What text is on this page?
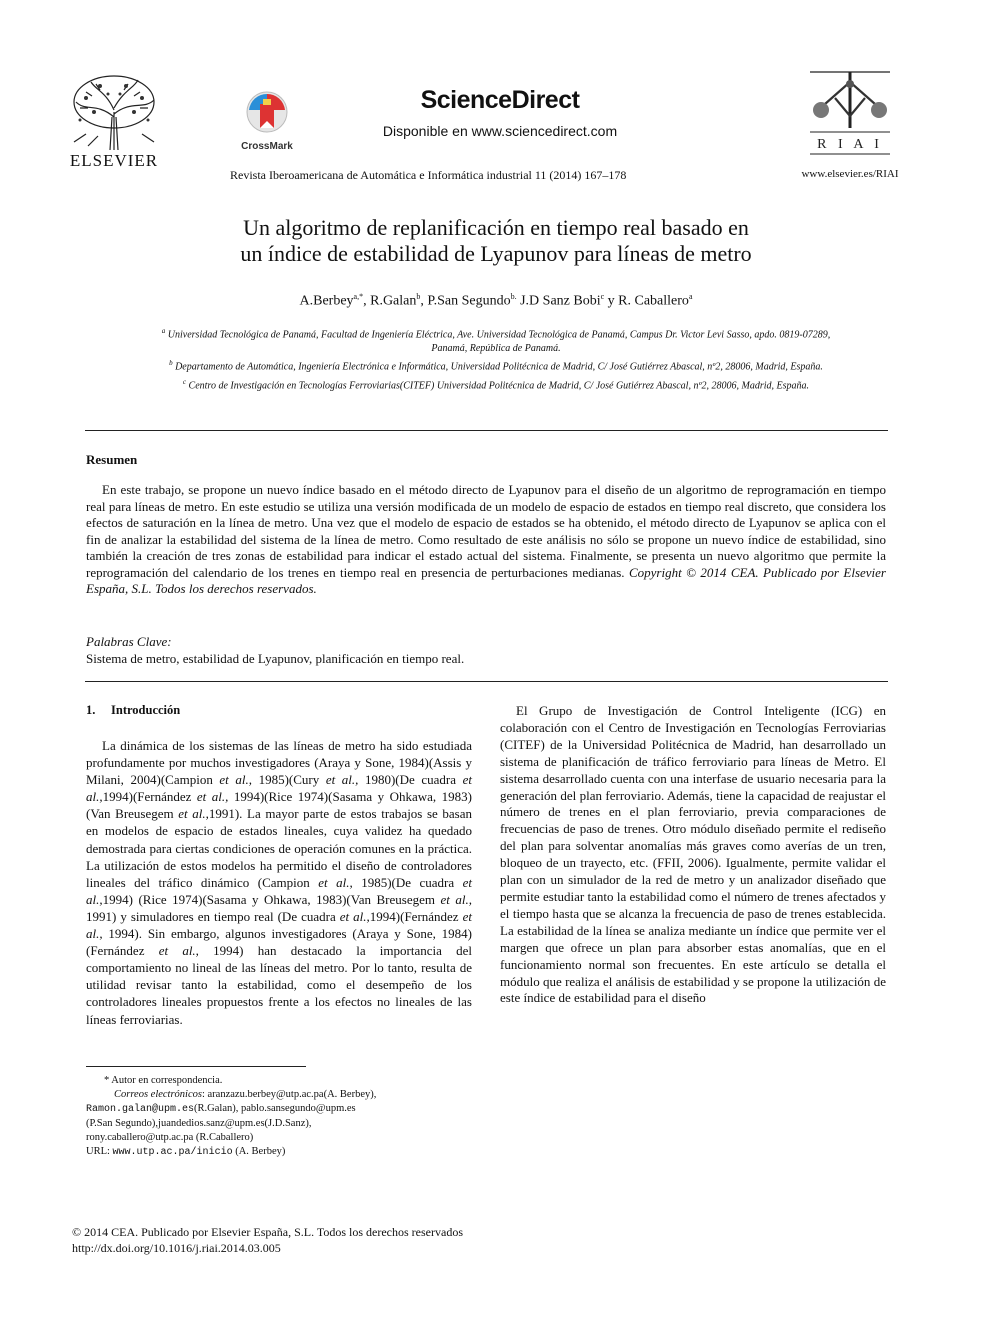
ELSEVIER
CrossMark
ScienceDirect
Disponible en www.sciencedirect.com
Revista Iberoamericana de Automática e Informática industrial 11 (2014) 167–178
R I A I
www.elsevier.es/RIAI
Un algoritmo de replanificación en tiempo real basado en
un índice de estabilidad de Lyapunov para líneas de metro
A.Berbey$^{a,*}$, R.Galan$^b$, P.San Segundo$^{b.}$ J.D Sanz Bobi$^c$ y R. Caballero$^a$
$^a$ Universidad Tecnológica de Panamá, Facultad de Ingeniería Eléctrica, Ave. Universidad Tecnológica de Panamá, Campus Dr. Victor Levi Sasso, apdo. 0819-07289,
Panamá, República de Panamá.
$^b$ Departamento de Automática, Ingeniería Electrónica e Informática, Universidad Politécnica de Madrid, C/ José Gutiérrez Abascal, nº2, 28006, Madrid, España.
$^c$ Centro de Investigación en Tecnologías Ferroviarias(CITEF) Universidad Politécnica de Madrid, C/ José Gutiérrez Abascal, nº2, 28006, Madrid, España.
Resumen
En este trabajo, se propone un nuevo índice basado en el método directo de Lyapunov para el diseño de un algoritmo de reprogramación en tiempo real para líneas de metro. En este estudio se utiliza una versión modificada de un modelo de espacio de estados en tiempo real discreto, que considera los efectos de saturación en la línea de metro. Una vez que el modelo de espacio de estados se ha obtenido, el método directo de Lyapunov se aplica con el fin de analizar la estabilidad del sistema de la línea de metro. Como resultado de este análisis no sólo se propone un nuevo índice de estabilidad, sino también la creación de tres zonas de estabilidad para indicar el estado actual del sistema. Finalmente, se presenta un nuevo algoritmo que permite la reprogramación del calendario de los trenes en tiempo real en presencia de perturbaciones medianas. Copyright © 2014 CEA. Publicado por Elsevier España, S.L. Todos los derechos reservados.
Palabras Clave:
Sistema de metro, estabilidad de Lyapunov, planificación en tiempo real.
1.     Introducción
La dinámica de los sistemas de las líneas de metro ha sido estudiada profundamente por muchos investigadores (Araya y Sone, 1984)(Assis y Milani, 2004)(Campion et al., 1985)(Cury et al., 1980)(De cuadra et al.,1994)(Fernández et al., 1994)(Rice 1974)(Sasama y Ohkawa, 1983)(Van Breusegem et al.,1991). La mayor parte de estos trabajos se basan en modelos de espacio de estados lineales, cuya validez ha quedado demostrada para ciertas condiciones de operación comunes en la práctica. La utilización de estos modelos ha permitido el diseño de controladores lineales del tráfico dinámico (Campion et al., 1985)(De cuadra et al.,1994) (Rice 1974)(Sasama y Ohkawa, 1983)(Van Breusegem et al., 1991) y simuladores en tiempo real (De cuadra et al.,1994)(Fernández et al., 1994). Sin embargo, algunos investigadores (Araya y Sone, 1984)(Fernández et al., 1994) han destacado la importancia del comportamiento no lineal de las líneas del metro. Por lo tanto, resulta de utilidad revisar tanto la estabilidad, como el desempeño de los controladores lineales propuestos frente a los efectos no lineales de las líneas ferroviarias.
El Grupo de Investigación de Control Inteligente (ICG) en colaboración con el Centro de Investigación en Tecnologías Ferroviarias (CITEF) de la Universidad Politécnica de Madrid, han desarrollado un sistema de planificación de tráfico ferroviario para líneas de Metro. El sistema desarrollado cuenta con una interfase de usuario necesaria para la generación del plan ferroviario. Además, tiene la capacidad de reajustar el número de trenes en el plan ferroviario, previa comparaciones de frecuencias de paso de trenes. Otro módulo diseñado permite el rediseño del plan para solventar anomalías más graves como averías de un tren, bloqueo de un trayecto, etc. (FFII, 2006). Igualmente, permite validar el plan con un simulador de la red de metro y un analizador diseñado que permite estudiar tanto la estabilidad como el número de trenes afectados y el tiempo hasta que se alcanza la frecuencia de paso de trenes establecida. La estabilidad de la línea se analiza mediante un índice que permite ver el margen que ofrece un plan para absorber estas anomalías, que en el funcionamiento normal son frecuentes. En este artículo se detalla el módulo que realiza el análisis de estabilidad y se propone la utilización de este índice de estabilidad para el diseño
* Autor en correspondencia.
Correos electrónicos: aranzazu.berbey@utp.ac.pa(A. Berbey),
Ramon.galan@upm.es(R.Galan), pablo.sansegundo@upm.es
(P.San Segundo),juandedios.sanz@upm.es(J.D.Sanz),
rony.caballero@utp.ac.pa (R.Caballero)
URL: www.utp.ac.pa/inicio (A. Berbey)
© 2014 CEA. Publicado por Elsevier España, S.L. Todos los derechos reservados
http://dx.doi.org/10.1016/j.riai.2014.03.005
